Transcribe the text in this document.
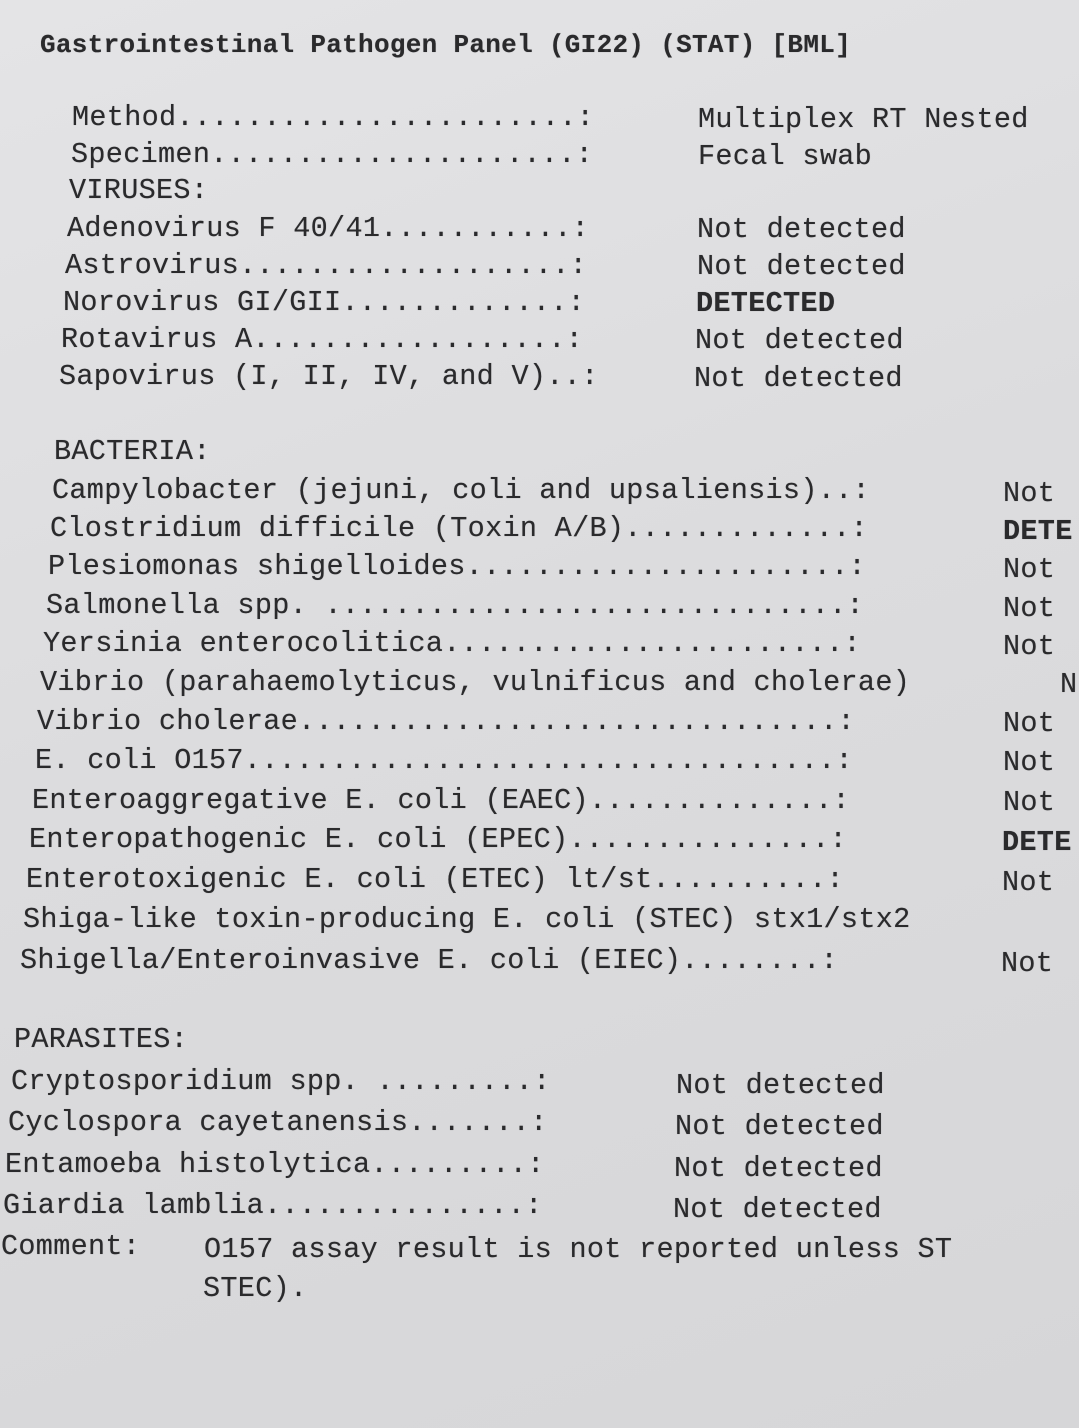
Gastrointestinal Pathogen Panel (GI22) (STAT) [BML]
Method.......................:	Multiplex RT Nested
Specimen.....................:	Fecal swab
VIRUSES:
Adenovirus F 40/41...........:	Not detected
Astrovirus...................:	Not detected
Norovirus GI/GII.............:	DETECTED
Rotavirus A..................:	Not detected
Sapovirus (I, II, IV, and V)..:	Not detected
BACTERIA:
Campylobacter (jejuni, coli and upsaliensis)..:	Not
Clostridium difficile (Toxin A/B).............:	DETE
Plesiomonas shigelloides......................:	Not
Salmonella spp. ..............................:	Not
Yersinia enterocolitica.......................:	Not
Vibrio (parahaemolyticus, vulnificus and cholerae)	N
Vibrio cholerae...............................:	Not
E. coli O157..................................:	Not
Enteroaggregative E. coli (EAEC)..............:	Not
Enteropathogenic E. coli (EPEC)...............:	DETE
Enterotoxigenic E. coli (ETEC) lt/st..........:	Not
Shiga-like toxin-producing E. coli (STEC) stx1/stx2
Shigella/Enteroinvasive E. coli (EIEC)........:	Not
PARASITES:
Cryptosporidium spp. .........:	Not detected
Cyclospora cayetanensis.......:	Not detected
Entamoeba histolytica.........:	Not detected
Giardia lamblia...............:	Not detected
Comment: O157 assay result is not reported unless ST
STEC).
